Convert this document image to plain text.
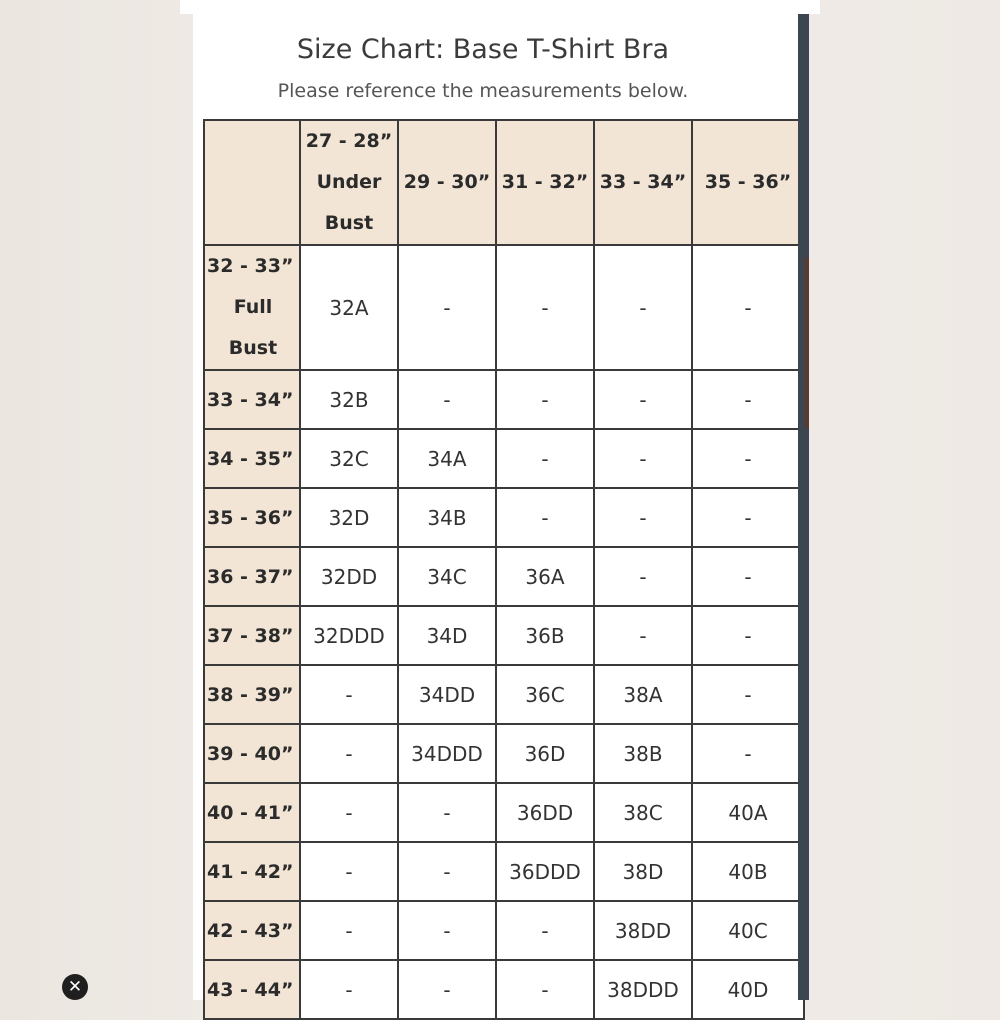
Size Chart: Base T-Shirt Bra
Please reference the measurements below.

	27 - 28”
Under
Bust	29 - 30”	31 - 32”	33 - 34”	35 - 36”

32 - 33”
Full
Bust	32A	-	-	-	-
33 - 34”	32B	-	-	-	-
34 - 35”	32C	34A	-	-	-
35 - 36”	32D	34B	-	-	-
36 - 37”	32DD	34C	36A	-	-
37 - 38”	32DDD	34D	36B	-	-
38 - 39”	-	34DD	36C	38A	-
39 - 40”	-	34DDD	36D	38B	-
40 - 41”	-	-	36DD	38C	40A
41 - 42”	-	-	36DDD	38D	40B
42 - 43”	-	-	-	38DD	40C
43 - 44”	-	-	-	38DDD	40D
✕
